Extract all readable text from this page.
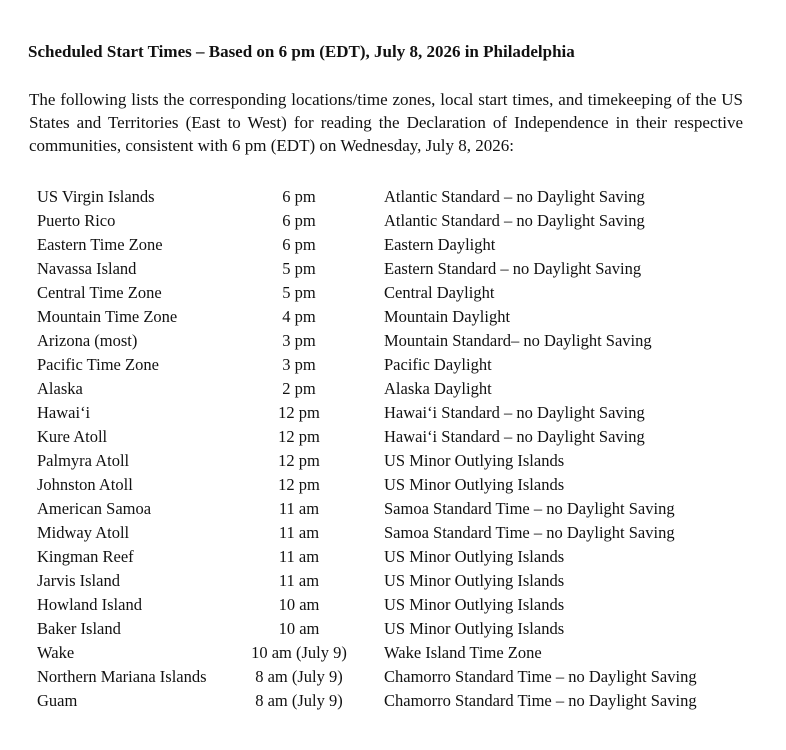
Scheduled Start Times – Based on 6 pm (EDT), July 8, 2026 in Philadelphia
The following lists the corresponding locations/time zones, local start times, and timekeeping of the US States and Territories (East to West) for reading the Declaration of Independence in their respective communities, consistent with 6 pm (EDT) on Wednesday, July 8, 2026:
US Virgin Islands	6 pm	Atlantic Standard – no Daylight Saving
Puerto Rico	6 pm	Atlantic Standard – no Daylight Saving
Eastern Time Zone	6 pm	Eastern Daylight
Navassa Island	5 pm	Eastern Standard – no Daylight Saving
Central Time Zone	5 pm	Central Daylight
Mountain Time Zone	4 pm	Mountain Daylight
Arizona (most)	3 pm	Mountain Standard– no Daylight Saving
Pacific Time Zone	3 pm	Pacific Daylight
Alaska	2 pm	Alaska Daylight
Hawaiʻi	12 pm	Hawaiʻi Standard – no Daylight Saving
Kure Atoll	12 pm	Hawaiʻi Standard – no Daylight Saving
Palmyra Atoll	12 pm	US Minor Outlying Islands
Johnston Atoll	12 pm	US Minor Outlying Islands
American Samoa	11 am	Samoa Standard Time – no Daylight Saving
Midway Atoll	11 am	Samoa Standard Time – no Daylight Saving
Kingman Reef	11 am	US Minor Outlying Islands
Jarvis Island	11 am	US Minor Outlying Islands
Howland Island	10 am	US Minor Outlying Islands
Baker Island	10 am	US Minor Outlying Islands
Wake	10 am (July 9)	Wake Island Time Zone
Northern Mariana Islands	8 am (July 9)	Chamorro Standard Time – no Daylight Saving
Guam	8 am (July 9)	Chamorro Standard Time – no Daylight Saving
